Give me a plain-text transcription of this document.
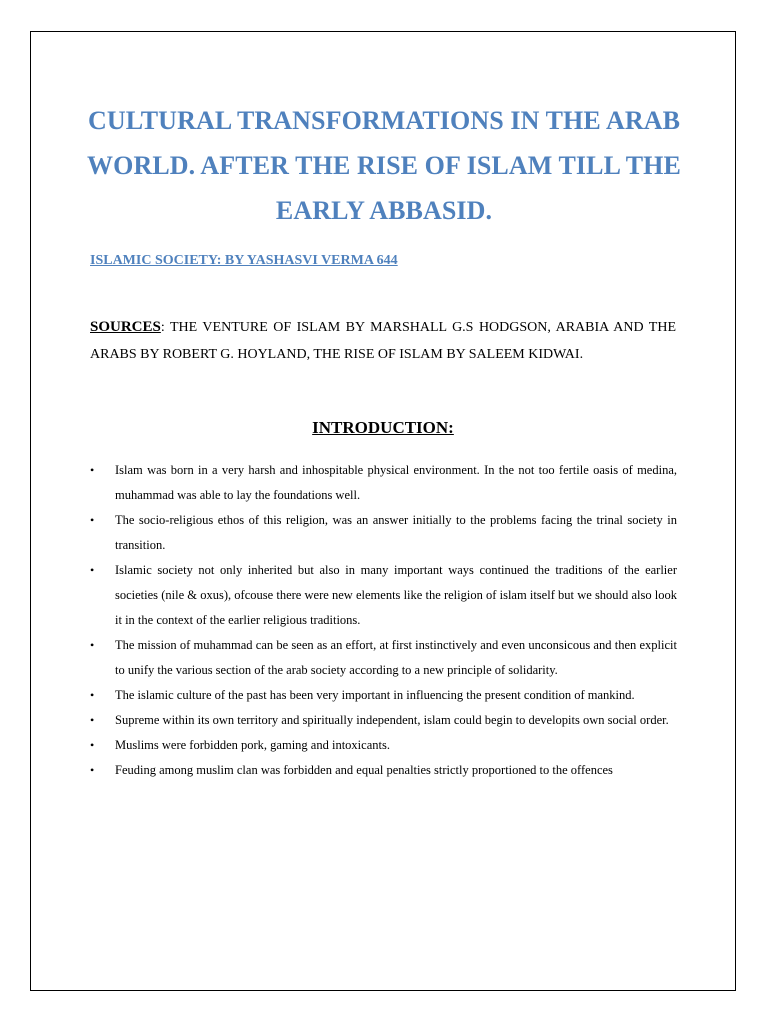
CULTURAL TRANSFORMATIONS IN THE ARAB WORLD. AFTER THE RISE OF ISLAM TILL THE EARLY ABBASID.

ISLAMIC SOCIETY: BY YASHASVI VERMA 644

SOURCES: THE VENTURE OF ISLAM BY MARSHALL G.S HODGSON, ARABIA AND THE ARABS BY ROBERT G. HOYLAND, THE RISE OF ISLAM BY SALEEM KIDWAI.

INTRODUCTION:
•	Islam was born in a very harsh and inhospitable physical environment. In the not too fertile oasis of medina, muhammad was able to lay the foundations well.
•	The socio-religious ethos of this religion, was an answer initially to the problems facing the trinal society in transition.
•	Islamic society not only inherited but also in many important ways continued the traditions of the earlier societies (nile & oxus), ofcouse there were new elements like the religion of islam itself but we should also look it in the context of the earlier religious traditions.
•	The mission of muhammad can be seen as an effort, at first instinctively and even unconsicous and then explicit to unify the various section of the arab society according to a new principle of solidarity.
•	The islamic culture of the past has been very important in influencing the present condition of mankind.
•	Supreme within its own territory and spiritually independent, islam could begin to developits own social order.
•	Muslims were forbidden pork, gaming and intoxicants.
•	Feuding among muslim clan was forbidden and equal penalties strictly proportioned to the offences
